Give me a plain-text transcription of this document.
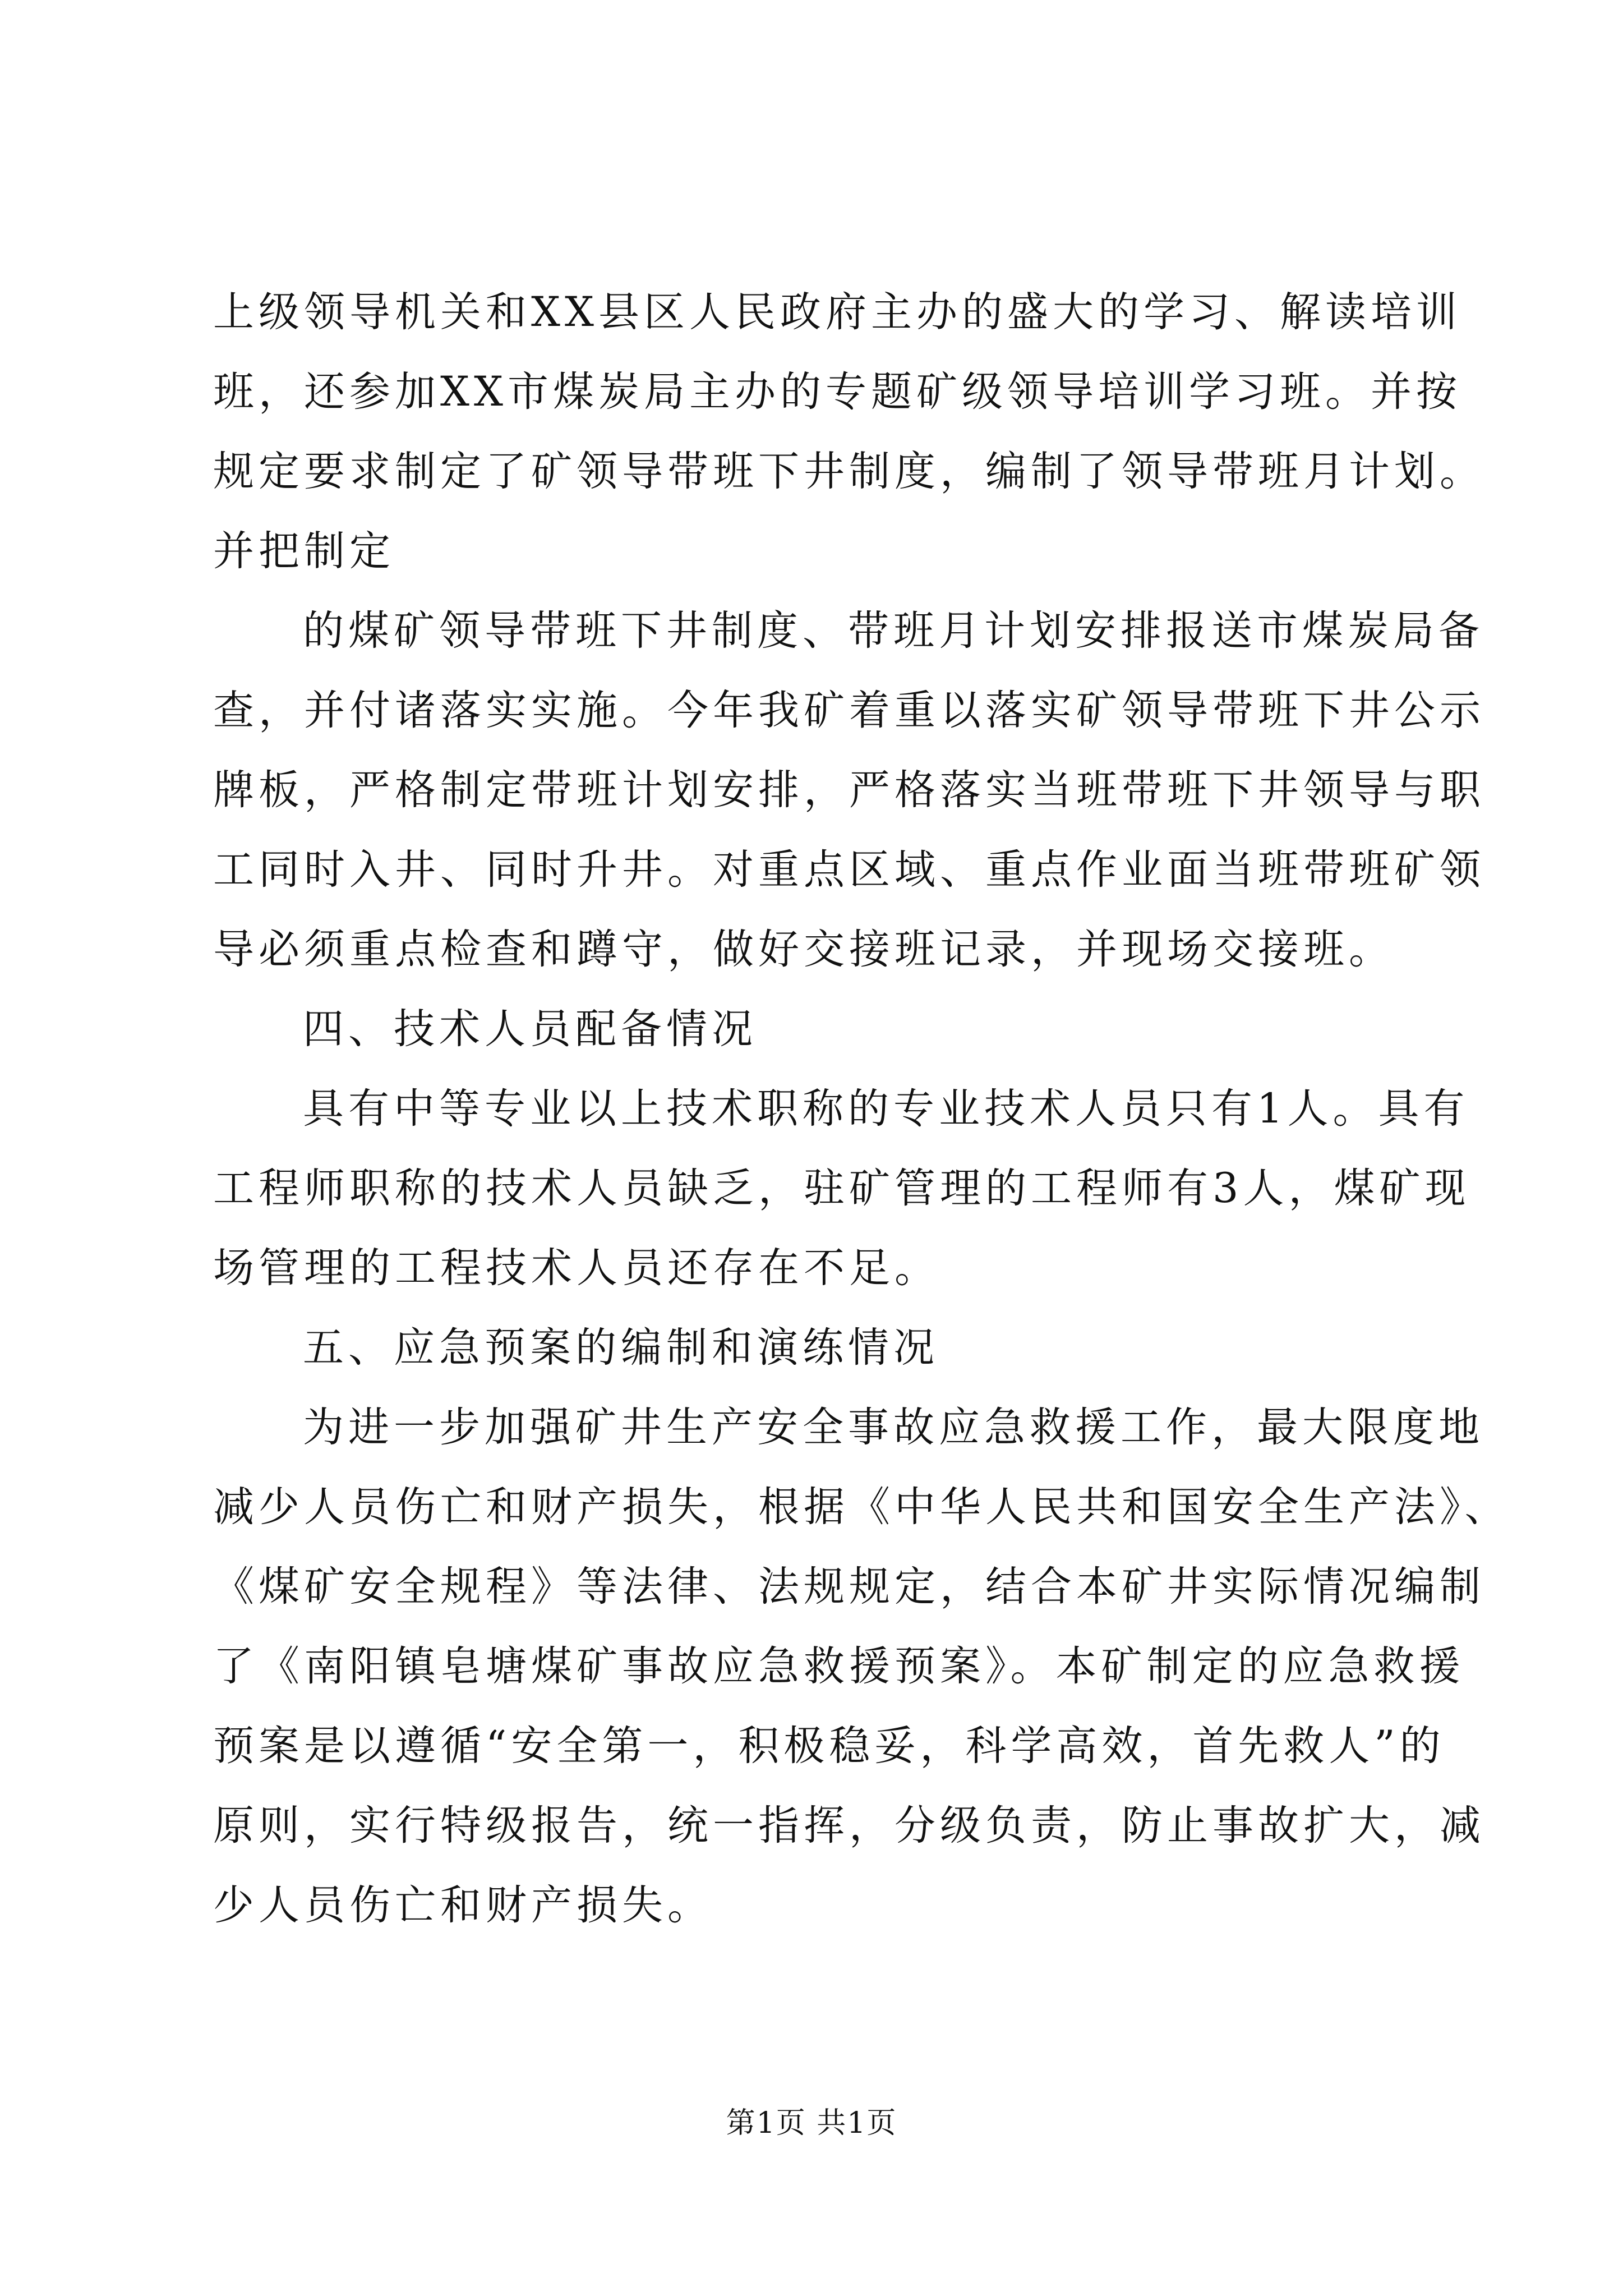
上级领导机关和XX县区人民政府主办的盛大的学习、解读培训
班，还参加XX市煤炭局主办的专题矿级领导培训学习班。并按
规定要求制定了矿领导带班下井制度，编制了领导带班月计划。
并把制定
的煤矿领导带班下井制度、带班月计划安排报送市煤炭局备
查，并付诸落实实施。今年我矿着重以落实矿领导带班下井公示
牌板，严格制定带班计划安排，严格落实当班带班下井领导与职
工同时入井、同时升井。对重点区域、重点作业面当班带班矿领
导必须重点检查和蹲守，做好交接班记录，并现场交接班。
四、技术人员配备情况
具有中等专业以上技术职称的专业技术人员只有1人。具有
工程师职称的技术人员缺乏，驻矿管理的工程师有3人，煤矿现
场管理的工程技术人员还存在不足。
五、应急预案的编制和演练情况
为进一步加强矿井生产安全事故应急救援工作，最大限度地
减少人员伤亡和财产损失，根据《中华人民共和国安全生产法》、
《煤矿安全规程》等法律、法规规定，结合本矿井实际情况编制
了《南阳镇皂塘煤矿事故应急救援预案》。本矿制定的应急救援
预案是以遵循“安全第一，积极稳妥，科学高效，首先救人”的
原则，实行特级报告，统一指挥，分级负责，防止事故扩大，减
少人员伤亡和财产损失。
第1页 共1页
